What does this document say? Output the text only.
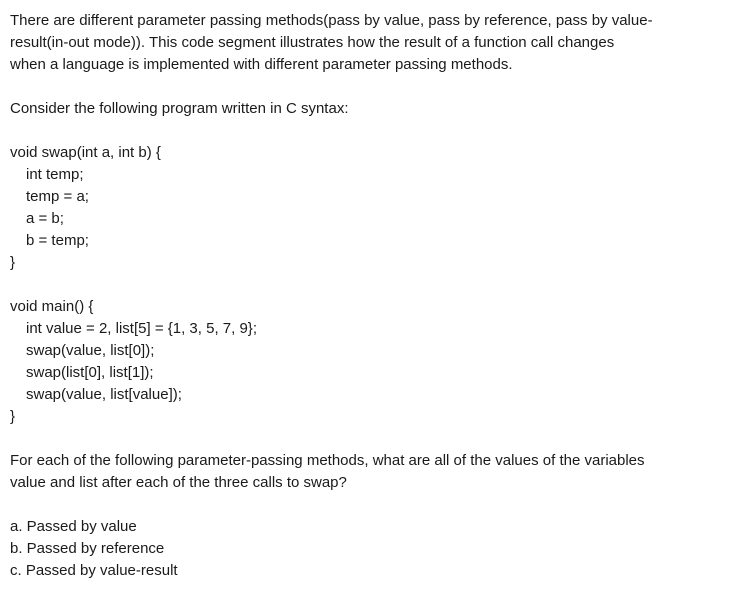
There are different parameter passing methods(pass by value, pass by reference, pass by value-
result(in-out mode)). This code segment illustrates how the result of a function call changes
when a language is implemented with different parameter passing methods.
Consider the following program written in C syntax:
void swap(int a, int b) {
int temp;
temp = a;
a = b;
b = temp;
}
void main() {
int value = 2, list[5] = {1, 3, 5, 7, 9};
swap(value, list[0]);
swap(list[0], list[1]);
swap(value, list[value]);
}
For each of the following parameter-passing methods, what are all of the values of the variables
value and list after each of the three calls to swap?
a. Passed by value
b. Passed by reference
c. Passed by value-result
